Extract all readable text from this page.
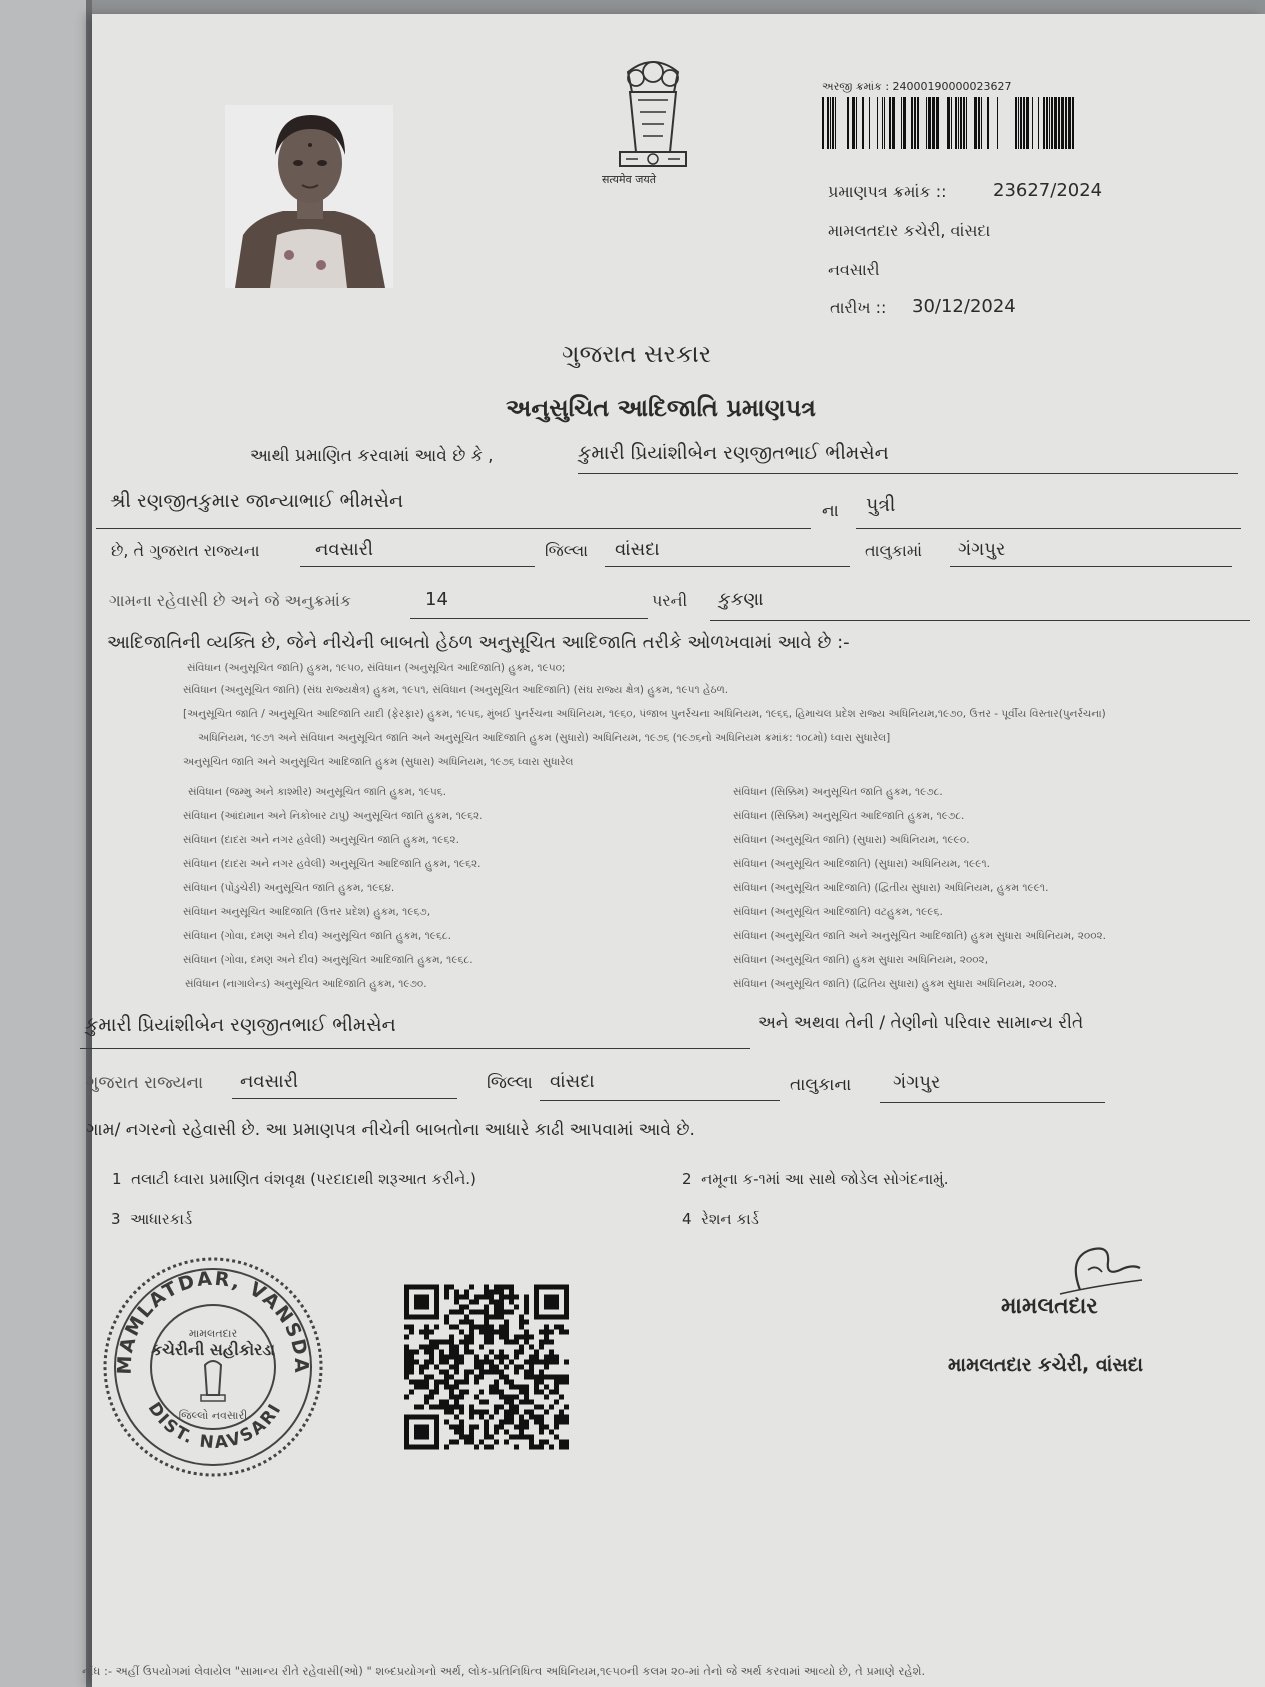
सत्यमेव जयते
અરજી ક્રમાંક : 24000190000023627
પ્રમાણપત્ર ક્રમાંક ::	23627/2024
મામલતદાર કચેરી, વાંસદા
નવસારી
તારીખ :: 30/12/2024
ગુજરાત સરકાર
અનુસુચિત આદિજાતિ પ્રમાણપત્ર
આથી પ્રમાણિત કરવામાં આવે છે કે ,	કુમારી પ્રિયાંશીબેન રણજીતભાઈ ભીમસેન
શ્રી રણજીતકુમાર જાન્યાભાઈ ભીમસેન	ના પુત્રી
છે, તે ગુજરાત રાજ્યના	નવસારી	જિલ્લા વાંસદા	તાલુકામાં ગંગપુર
ગામના રહેવાસી છે અને જે અનુક્રમાંક	14	પરની કુકણા
આદિજાતિની વ્યક્તિ છે, જેને નીચેની બાબતો હેઠળ અનુસૂચિત આદિજાતિ તરીકે ઓળખવામાં આવે છે :-
સંવિધાન (અનુસૂચિત જાતિ) હુકમ, ૧૯૫૦, સંવિધાન (અનુસૂચિત આદિજાતિ) હુકમ, ૧૯૫૦;
સંવિધાન (અનુસૂચિત જાતિ) (સંઘ રાજ્યક્ષેત્ર) હુકમ, ૧૯૫૧, સંવિધાન (અનુસૂચિત આદિજાતિ) (સંઘ રાજ્ય ક્ષેત્ર) હુકમ, ૧૯૫૧ હેઠળ.
[અનુસૂચિત જાતિ / અનુસૂચિત આદિજાતિ યાદી (ફેરફાર) હુકમ, ૧૯૫૬, મુંબઈ પુનર્રચના અધિનિયમ, ૧૯૬૦, પંજાબ પુનર્રચના અધિનિયમ, ૧૯૬૬, હિમાચલ પ્રદેશ રાજ્ય અધિનિયમ,૧૯૭૦, ઉત્તર - પૂર્વીય વિસ્તાર(પુનર્રચના)
અધિનિયમ, ૧૯૭૧ અને સંવિધાન અનુસૂચિત જાતિ અને અનુસૂચિત આદિજાતિ હુકમ (સુધારો) અધિનિયમ, ૧૯૭૬ (૧૯૭૬નો અધિનિયમ ક્રમાંક: ૧૦૮મો) ધ્વારા સુધારેલ]
અનુસૂચિત જાતિ અને અનુસૂચિત આદિજાતિ હુકમ (સુધારા) અધિનિયમ, ૧૯૭૬ ધ્વારા સુધારેલ
સંવિધાન (જમ્મુ અને કાશ્મીર) અનુસૂચિત જાતિ હુકમ, ૧૯૫૬.
સંવિધાન (આંદામાન અને નિકોબાર ટાપુ) અનુસૂચિત જાતિ હુકમ, ૧૯૬૨.
સંવિધાન (દાદરા અને નગર હવેલી) અનુસૂચિત જાતિ હુકમ, ૧૯૬૨.
સંવિધાન (દાદરા અને નગર હવેલી) અનુસૂચિત આદિજાતિ હુકમ, ૧૯૬૨.
સંવિધાન (પોંડુચેરી) અનુસૂચિત જાતિ હુકમ, ૧૯૬૪.
સંવિધાન અનુસૂચિત આદિજાતિ (ઉત્તર પ્રદેશ) હુકમ, ૧૯૬૭,
સંવિધાન (ગોવા, દમણ અને દીવ) અનુસૂચિત જાતિ હુકમ, ૧૯૬૮.
સંવિધાન (ગોવા, દમણ અને દીવ) અનુસૂચિત આદિજાતિ હુકમ, ૧૯૬૮.
સંવિધાન (નાગાલેન્ડ) અનુસૂચિત આદિજાતિ હુકમ, ૧૯૭૦.
સંવિધાન (સિક્કિમ) અનુસૂચિત જાતિ હુકમ, ૧૯૭૮.
સંવિધાન (સિક્કિમ) અનુસૂચિત આદિજાતિ હુકમ, ૧૯૭૮.
સંવિધાન (અનુસૂચિત જાતિ) (સુધારા) અધિનિયમ, ૧૯૯૦.
સંવિધાન (અનુસૂચિત આદિજાતિ) (સુધારા) અધિનિયમ, ૧૯૯૧.
સંવિધાન (અનુસૂચિત આદિજાતિ) (દ્વિતીય સુધારા) અધિનિયમ, હુકમ ૧૯૯૧.
સંવિધાન (અનુસૂચિત આદિજાતિ) વટહુકમ, ૧૯૯૬.
સંવિધાન (અનુસૂચિત જાતિ અને અનુસૂચિત આદિજાતિ) હુકમ સુધારા અધિનિયમ, ૨૦૦૨.
સંવિધાન (અનુસૂચિત જાતિ) હુકમ સુધારા અધિનિયમ, ૨૦૦૨,
સંવિધાન (અનુસૂચિત જાતિ) (દ્વિતિય સુધારા) હુકમ સુધારા અધિનિયમ, ૨૦૦૨.
કુમારી પ્રિયાંશીબેન રણજીતભાઈ ભીમસેન	અને અથવા તેની / તેણીનો પરિવાર સામાન્ય રીતે
ગુજરાત રાજ્યના નવસારી	જિલ્લા વાંસદા	તાલુકાના ગંગપુર
ગામ/ નગરનો રહેવાસી છે. આ પ્રમાણપત્ર નીચેની બાબતોના આધારે કાઢી આપવામાં આવે છે.
1 તલાટી ધ્વારા પ્રમાણિત વંશવૃક્ષ (પરદાદાથી શરૂઆત કરીને.)	2 નમૂના ક-૧માં આ સાથે જોડેલ સોગંદનામું.
3 આધારકાર્ડ	4 રેશન કાર્ડ
MAMLATDAR, VANSDA
DIST. NAVSARI
મામલતદાર
કચેરીની સહીકોરડા
જિલ્લો નવસારી
મામલતદાર
મામલતદાર કચેરી, વાંસદા
નોંધ :- અહીં ઉપયોગમાં લેવાયેલ "સામાન્ય રીતે રહેવાસી(ઓ) " શબ્દપ્રયોગનો અર્થ, લોક-પ્રતિનિધિત્વ અધિનિયમ,૧૯૫૦ની કલમ ૨૦-માં તેનો જે અર્થ કરવામાં આવ્યો છે, તે પ્રમાણે રહેશે.
